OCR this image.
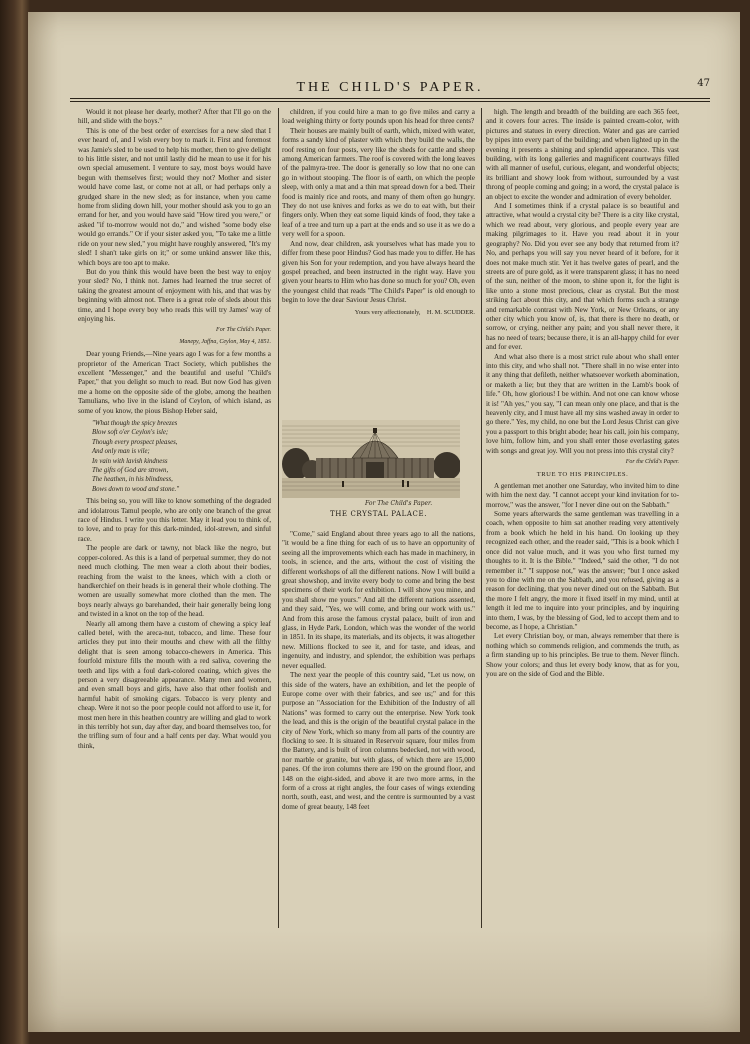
THE CHILD'S PAPER.	47

Would it not please her dearly, mother? After that I'll go on the hill, and slide with the boys."

This is one of the best order of exercises for a new sled that I ever heard of, and I wish every boy to mark it. First and foremost was Jamie's sled to be used to help his mother, then to give delight to his little sister, and not until lastly did he mean to use it for his own special amusement. I venture to say, most boys would have begun with themselves first; would they not? Mother and sister would have come last, or come not at all, or had perhaps only a grudged share in the new sled; as for instance, when you came home from sliding down hill, your mother should ask you to go an errand for her, and you would have said "How tired you were," or asked "if to-morrow would not do," and wished "some body else would go errands." Or if your sister asked you, "To take me a little ride on your new sled," you might have roughly answered, "It's my sled! I shan't take girls on it;" or some unkind answer like this, which boys are too apt to make.

But do you think this would have been the best way to enjoy your sled? No, I think not. James had learned the true secret of taking the greatest amount of enjoyment with his, and that was by beginning with almost not. There is a great role of sleds about this time, and I hope every boy who reads this will try James' way of enjoying his.

For The Child's Paper.
Manepy, Jaffna, Ceylon, May 4, 1851.

Dear young Friends,—Nine years ago I was for a few months a proprietor of the American Tract Society, which publishes the excellent "Messenger," and the beautiful and useful "Child's Paper," that you delight so much to read. But now God has given me a home on the opposite side of the globe, among the heathen Tamulians, who live in the island of Ceylon, of which island, as some of you know, the pious Bishop Heber said,

"What though the spicy breezes
Blow soft o'er Ceylon's isle;
Though every prospect pleases,
And only man is vile;
In vain with lavish kindness
The gifts of God are strown,
The heathen, in his blindness,
Bows down to wood and stone."

This being so, you will like to know something of the degraded and idolatrous Tamul people, who are only one branch of the great race of Hindus. I write you this letter. May it lead you to think of, to love, and to pray for this dark-minded, idol-strewn, and sinful race.

The people are dark or tawny, not black like the negro, but copper-colored. As this is a land of perpetual summer, they do not need much clothing. The men wear a cloth about their bodies, reaching from the waist to the knees, which with a cloth or handkerchief on their heads is in general their whole clothing. The women are usually somewhat more clothed than the men. The boys nearly always go barehanded, their hair generally being long and twisted in a knot on the top of the head.

Nearly all among them have a custom of chewing a spicy leaf called betel, with the areca-nut, tobacco, and lime. These four articles they put into their mouths and chew with all the filthy delight that is seen among tobacco-chewers in America. This fourfold mixture fills the mouth with a red saliva, covering the teeth and lips with a foul dark-colored coating, which gives the person a very disagreeable appearance. Many men and women, and even small boys and girls, have also that other foolish and harmful habit of smoking cigars. Tobacco is very plenty and cheap. Were it not so the poor people could not afford to use it, for most men here in this heathen country are willing and glad to work in this terribly hot sun, day after day, and board themselves too, for the trifling sum of four and a half cents per day. What would you think,

children, if you could hire a man to go five miles and carry a load weighing thirty or forty pounds upon his head for three cents?

Their houses are mainly built of earth, which, mixed with water, forms a sandy kind of plaster with which they build the walls, the roof resting on four posts, very like the sheds for cattle and sheep among American farmers. The roof is covered with the long leaves of the palmyra-tree. The door is generally so low that no one can go in without stooping. The floor is of earth, on which the people sleep, with only a mat and a thin mat spread down for a bed. Their food is mainly rice and roots, and many of them often go hungry. They do not use knives and forks as we do to eat with, but their fingers only. When they eat some liquid kinds of food, they take a leaf of a tree and turn up a part at the ends and so use it as we do a very well for a spoon.

And now, dear children, ask yourselves what has made you to differ from these poor Hindus? God has made you to differ. He has given his Son for your redemption, and you have always heard the gospel preached, and been instructed in the right way. Have you given your hearts to Him who has done so much for you? Oh, even the youngest child that reads "The Child's Paper" is old enough to begin to love the dear Saviour Jesus Christ.

Yours very affectionately, H. M. SCUDDER.
For The Child's Paper.
THE CRYSTAL PALACE.

"Come," said England about three years ago to all the nations, "it would be a fine thing for each of us to have an opportunity of seeing all the improvements which each has made in machinery, in tools, in science, and the arts, without the cost of visiting the different workshops of all the different nations. Now I will build a great showshop, and invite every body to come and bring the best specimens of their work for exhibition. I will show you mine, and you shall show me yours." And all the different nations assented, and they said, "Yes, we will come, and bring our work with us." And from this arose the famous crystal palace, built of iron and glass, in Hyde Park, London, which was the wonder of the world in 1851. In its shape, its materials, and its objects, it was altogether new. Millions flocked to see it, and for taste, and ideas, and ingenuity, and industry, and splendor, the exhibition was perhaps never equalled.

The next year the people of this country said, "Let us now, on this side of the waters, have an exhibition, and let the people of Europe come over with their fabrics, and see us;" and for this purpose an "Association for the Exhibition of the Industry of all Nations" was formed to carry out the enterprise. New York took the lead, and this is the origin of the beautiful crystal palace in the city of New York, which so many from all parts of the country are flocking to see. It is situated in Reservoir square, four miles from the Battery, and is built of iron columns bedecked, not with wood, nor marble or granite, but with glass, of which there are 15,000 panes. Of the iron columns there are 190 on the ground floor, and 148 on the eight-sided, and above it are two more arms, in the form of a cross at right angles, the four cases of wings extending north, south, east, and west, and the centre is surmounted by a vast dome of great beauty, 148 feet

high. The length and breadth of the building are each 365 feet, and it covers four acres. The inside is painted cream-color, with pictures and statues in every direction. Water and gas are carried by pipes into every part of the building; and when lighted up in the evening it presents a shining and splendid appearance. This vast building, with its long galleries and magnificent courtways filled with all manner of useful, curious, elegant, and wonderful objects; its brilliant and showy look from without, surrounded by a vast throng of people coming and going; in a word, the crystal palace is an object to excite the wonder and admiration of every beholder.

And I sometimes think if a crystal palace is so beautiful and attractive, what would a crystal city be? There is a city like crystal, which we read about, very glorious, and people every year are making pilgrimages to it. Have you read about it in your geography? No. Did you ever see any body that returned from it? No, and perhaps you will say you never heard of it before, for it does not make much stir. Yet it has twelve gates of pearl, and the streets are of pure gold, as it were transparent glass; it has no need of the sun, neither of the moon, to shine upon it, for the light is like unto a stone most precious, clear as crystal. But the most striking fact about this city, and that which forms such a strange and remarkable contrast with New York, or New Orleans, or any other city which you know of, is, that there is there no death, or sorrow, or crying, neither any pain; and you shall never there, it has no need of tears; because there, it is an all-happy child for ever and for ever.

And what also there is a most strict rule about who shall enter into this city, and who shall not. "There shall in no wise enter into it any thing that defileth, neither whatsoever worketh abomination, or maketh a lie; but they that are written in the Lamb's book of life." Oh, how glorious! I be within. And not one can know whose it is! "Ah yes," you say, "I can mean only one place, and that is the heavenly city, and I must have all my sins washed away in order to go there." Yes, my child, no one but the Lord Jesus Christ can give you a passport to this bright abode; hear his call, join his company, love him, follow him, and you shall enter those everlasting gates with songs and great joy. Will you not press into this crystal city?

For the Child's Paper.
TRUE TO HIS PRINCIPLES.

A gentleman met another one Saturday, who invited him to dine with him the next day. "I cannot accept your kind invitation for to-morrow," was the answer, "for I never dine out on the Sabbath."

Some years afterwards the same gentleman was travelling in a coach, when opposite to him sat another reading very attentively from a book which he held in his hand. On looking up they recognized each other, and the reader said, "This is a book which I once did not value much, and it was you who first turned my thoughts to it. It is the Bible." "Indeed," said the other, "I do not remember it." "I suppose not," was the answer; "but I once asked you to dine with me on the Sabbath, and you refused, giving as a reason for declining, that you never dined out on the Sabbath. But the more I felt angry, the more it fixed itself in my mind, until at length it led me to inquire into your principles, and by inquiring into them, I was, by the blessing of God, led to accept them and to become, as I hope, a Christian."

Let every Christian boy, or man, always remember that there is nothing which so commends religion, and commends the truth, as a firm standing up to his principles. Be true to them. Never flinch. Show your colors; and thus let every body know, that as for you, you are on the side of God and the Bible.
